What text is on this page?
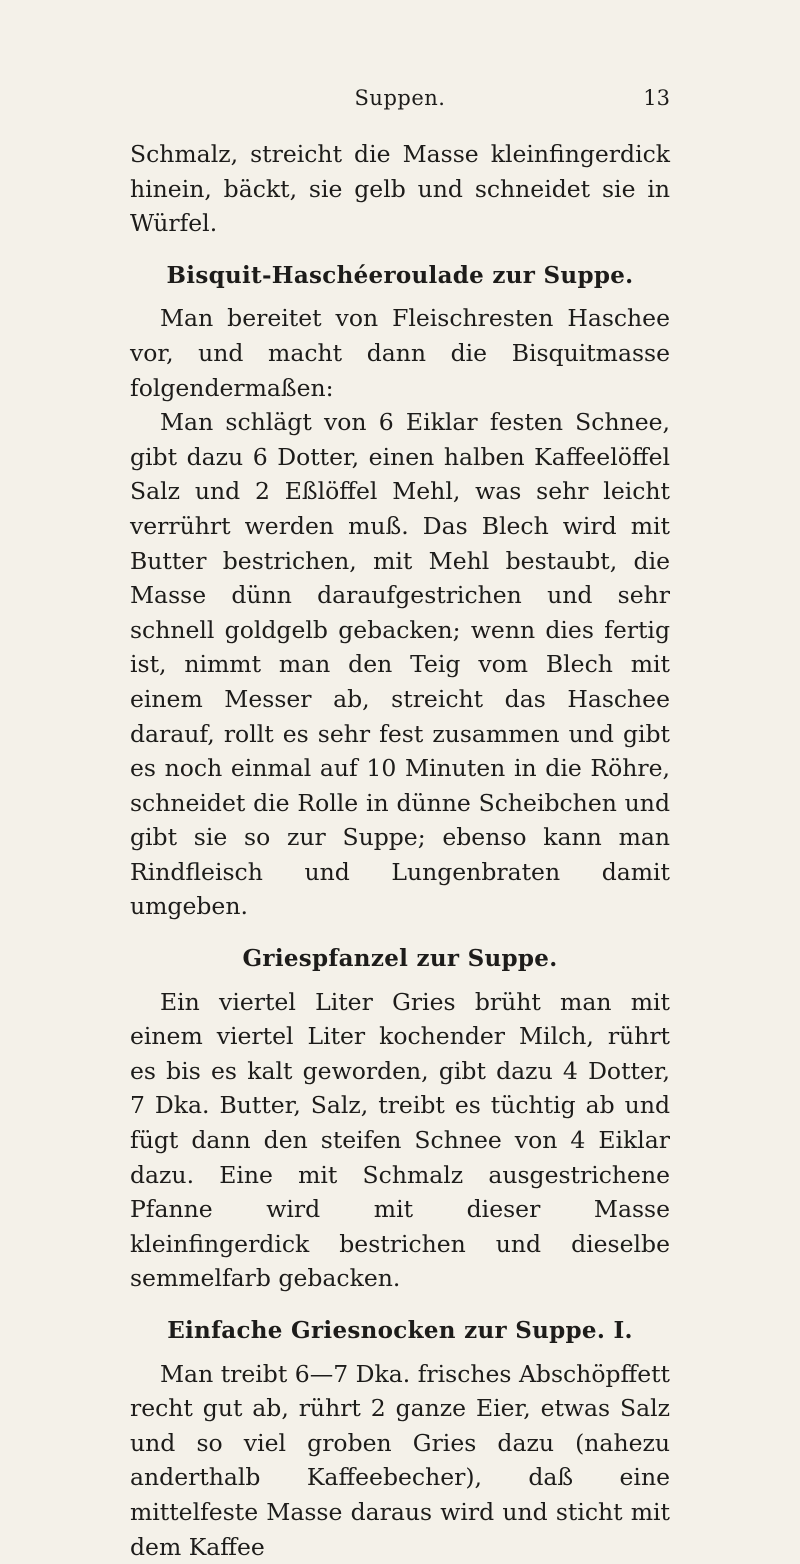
Suppen.	13

Schmalz, streicht die Masse kleinfingerdick hinein, bäckt, sie gelb und schneidet sie in Würfel.

Bisquit-Haschéeroulade zur Suppe.

Man bereitet von Fleischresten Haschee vor, und macht dann die Bisquitmasse folgendermaßen:

Man schlägt von 6 Eiklar festen Schnee, gibt dazu 6 Dotter, einen halben Kaffeelöffel Salz und 2 Eßlöffel Mehl, was sehr leicht verrührt werden muß. Das Blech wird mit Butter bestrichen, mit Mehl bestaubt, die Masse dünn daraufgestrichen und sehr schnell goldgelb gebacken; wenn dies fertig ist, nimmt man den Teig vom Blech mit einem Messer ab, streicht das Haschee darauf, rollt es sehr fest zusammen und gibt es noch einmal auf 10 Minuten in die Röhre, schneidet die Rolle in dünne Scheibchen und gibt sie so zur Suppe; ebenso kann man Rindfleisch und Lungenbraten damit umgeben.

Griespfanzel zur Suppe.

Ein viertel Liter Gries brüht man mit einem viertel Liter kochender Milch, rührt es bis es kalt geworden, gibt dazu 4 Dotter, 7 Dka. Butter, Salz, treibt es tüchtig ab und fügt dann den steifen Schnee von 4 Eiklar dazu. Eine mit Schmalz ausgestrichene Pfanne wird mit dieser Masse kleinfingerdick bestrichen und dieselbe semmelfarb gebacken.

Einfache Griesnocken zur Suppe. I.

Man treibt 6—7 Dka. frisches Abschöpffett recht gut ab, rührt 2 ganze Eier, etwas Salz und so viel groben Gries dazu (nahezu anderthalb Kaffeebecher), daß eine mittelfeste Masse daraus wird und sticht mit dem Kaffee
